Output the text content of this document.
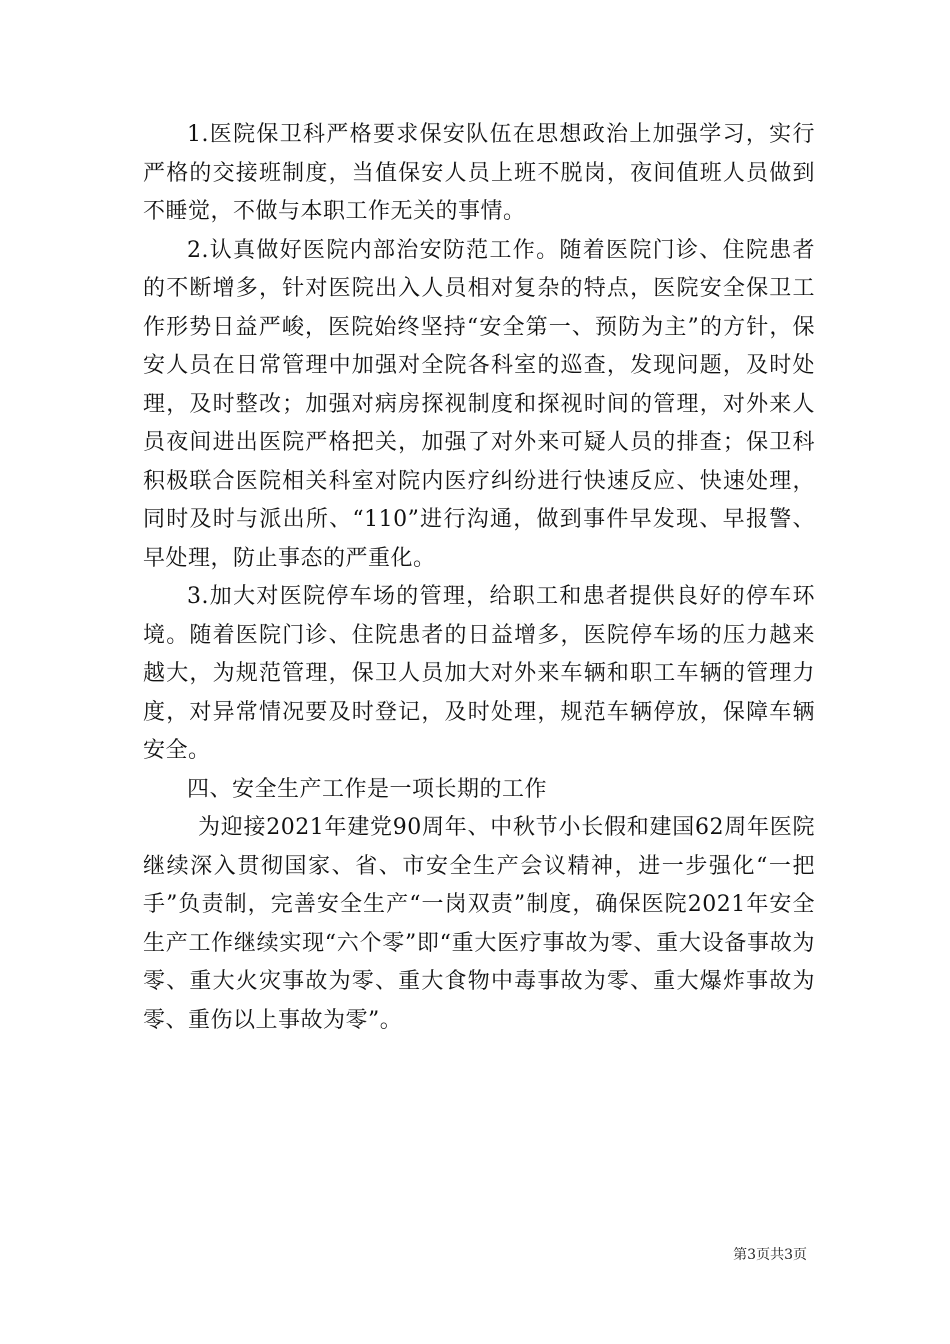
1.医院保卫科严格要求保安队伍在思想政治上加强学习，实行严格的交接班制度，当值保安人员上班不脱岗，夜间值班人员做到不睡觉，不做与本职工作无关的事情。

2.认真做好医院内部治安防范工作。随着医院门诊、住院患者的不断增多，针对医院出入人员相对复杂的特点，医院安全保卫工作形势日益严峻，医院始终坚持“安全第一、预防为主”的方针，保安人员在日常管理中加强对全院各科室的巡查，发现问题，及时处理，及时整改；加强对病房探视制度和探视时间的管理，对外来人员夜间进出医院严格把关，加强了对外来可疑人员的排查；保卫科积极联合医院相关科室对院内医疗纠纷进行快速反应、快速处理，同时及时与派出所、“110”进行沟通，做到事件早发现、早报警、早处理，防止事态的严重化。

3.加大对医院停车场的管理，给职工和患者提供良好的停车环境。随着医院门诊、住院患者的日益增多，医院停车场的压力越来越大，为规范管理，保卫人员加大对外来车辆和职工车辆的管理力度，对异常情况要及时登记，及时处理，规范车辆停放，保障车辆安全。

四、安全生产工作是一项长期的工作

为迎接2021年建党90周年、中秋节小长假和建国62周年医院继续深入贯彻国家、省、市安全生产会议精神，进一步强化“一把手”负责制，完善安全生产“一岗双责”制度，确保医院2021年安全生产工作继续实现“六个零”即“重大医疗事故为零、重大设备事故为零、重大火灾事故为零、重大食物中毒事故为零、重大爆炸事故为零、重伤以上事故为零”。

第3页共3页
